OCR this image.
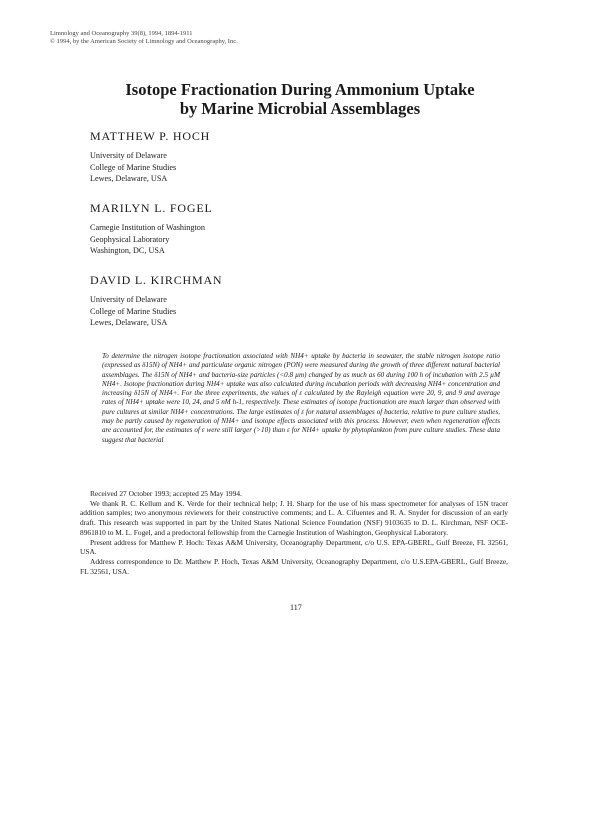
Limnology and Oceanography 39(8), 1994, 1894-1911
© 1994, by the American Society of Limnology and Oceanography, Inc.
Isotope Fractionation During Ammonium Uptake
by Marine Microbial Assemblages
MATTHEW P. HOCH
University of Delaware
College of Marine Studies
Lewes, Delaware, USA
MARILYN L. FOGEL
Carnegie Institution of Washington
Geophysical Laboratory
Washington, DC, USA
DAVID L. KIRCHMAN
University of Delaware
College of Marine Studies
Lewes, Delaware, USA
To determine the nitrogen isotope fractionation associated with NH4+ uptake by bacteria in seawater, the stable nitrogen isotope ratio (expressed as δ15N) of NH4+ and particulate organic nitrogen (PON) were measured during the growth of three different natural bacterial assemblages. The δ15N of NH4+ and bacteria-size particles (<0.8 µm) changed by as much as 60 during 100 h of incubation with 2.5 µM NH4+. Isotope fractionation during NH4+ uptake was also calculated during incubation periods with decreasing NH4+ concentration and increasing δ15N of NH4+. For the three experiments, the values of ε calculated by the Rayleigh equation were 20, 9, and 9 and average rates of NH4+ uptake were 10, 24, and 5 nM h-1, respectively. These estimates of isotope fractionation are much larger than observed with pure cultures at similar NH4+ concentrations. The large estimates of ε for natural assemblages of bacteria, relative to pure culture studies, may be partly caused by regeneration of NH4+ and isotope effects associated with this process. However, even when regeneration effects are accounted for, the estimates of ε were still larger (>10) than ε for NH4+ uptake by phytoplankton from pure culture studies. These data suggest that bacterial

Received 27 October 1993; accepted 25 May 1994.

We thank R. C. Kellum and K. Verde for their technical help; J. H. Sharp for the use of his mass spectrometer for analyses of 15N tracer addition samples; two anonymous reviewers for their constructive comments; and L. A. Cifuentes and R. A. Snyder for discussion of an early draft. This research was supported in part by the United States National Science Foundation (NSF) 9103635 to D. L. Kirchman, NSF OCE-8961810 to M. L. Fogel, and a predoctoral fellowship from the Carnegie Institution of Washington, Geophysical Laboratory.

Present address for Matthew P. Hoch: Texas A&M University, Oceanography Department, c/o U.S. EPA-GBERL, Gulf Breeze, FL 32561, USA.

Address correspondence to Dr. Matthew P. Hoch, Texas A&M University, Oceanography Department, c/o U.S.EPA-GBERL, Gulf Breeze, FL 32561, USA.

117
